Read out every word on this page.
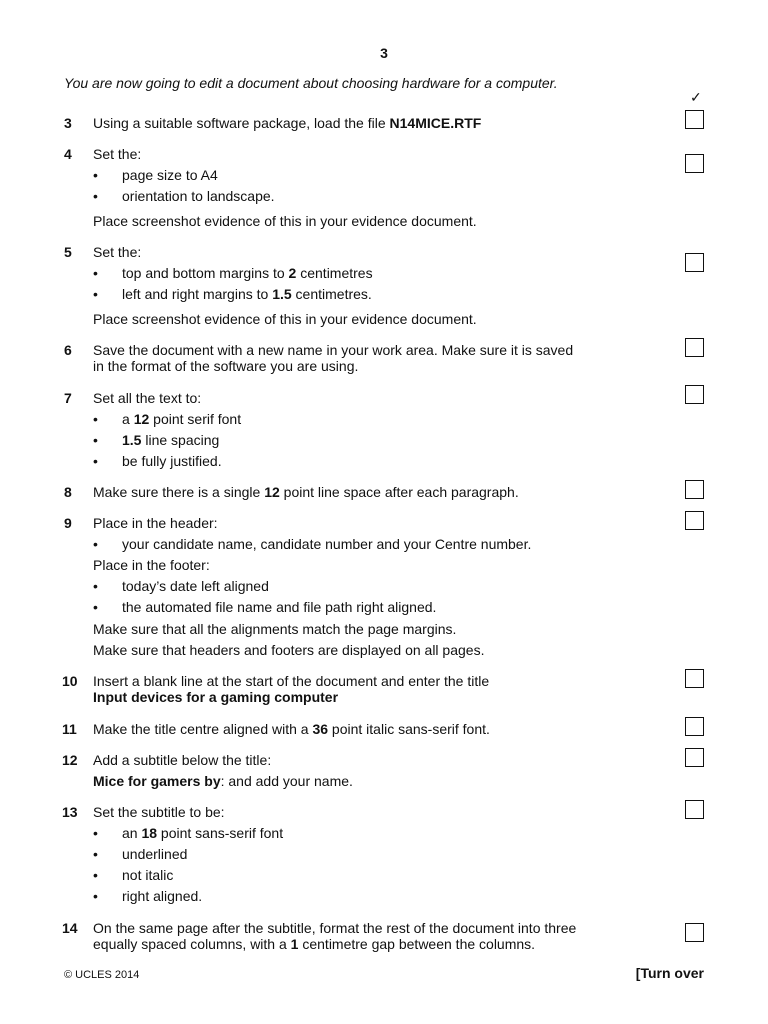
3
You are now going to edit a document about choosing hardware for a computer.
✓
3 Using a suitable software package, load the file N14MICE.RTF
4 Set the:
• page size to A4
• orientation to landscape.
Place screenshot evidence of this in your evidence document.
5 Set the:
• top and bottom margins to 2 centimetres
• left and right margins to 1.5 centimetres.
Place screenshot evidence of this in your evidence document.
6 Save the document with a new name in your work area. Make sure it is saved
in the format of the software you are using.
7 Set all the text to:
• a 12 point serif font
• 1.5 line spacing
• be fully justified.
8 Make sure there is a single 12 point line space after each paragraph.
9 Place in the header:
• your candidate name, candidate number and your Centre number.
Place in the footer:
• today’s date left aligned
• the automated file name and file path right aligned.
Make sure that all the alignments match the page margins.
Make sure that headers and footers are displayed on all pages.
10 Insert a blank line at the start of the document and enter the title
Input devices for a gaming computer
11 Make the title centre aligned with a 36 point italic sans-serif font.
12 Add a subtitle below the title:
Mice for gamers by: and add your name.
13 Set the subtitle to be:
• an 18 point sans-serif font
• underlined
• not italic
• right aligned.
14 On the same page after the subtitle, format the rest of the document into three
equally spaced columns, with a 1 centimetre gap between the columns.
© UCLES 2014	[Turn over
